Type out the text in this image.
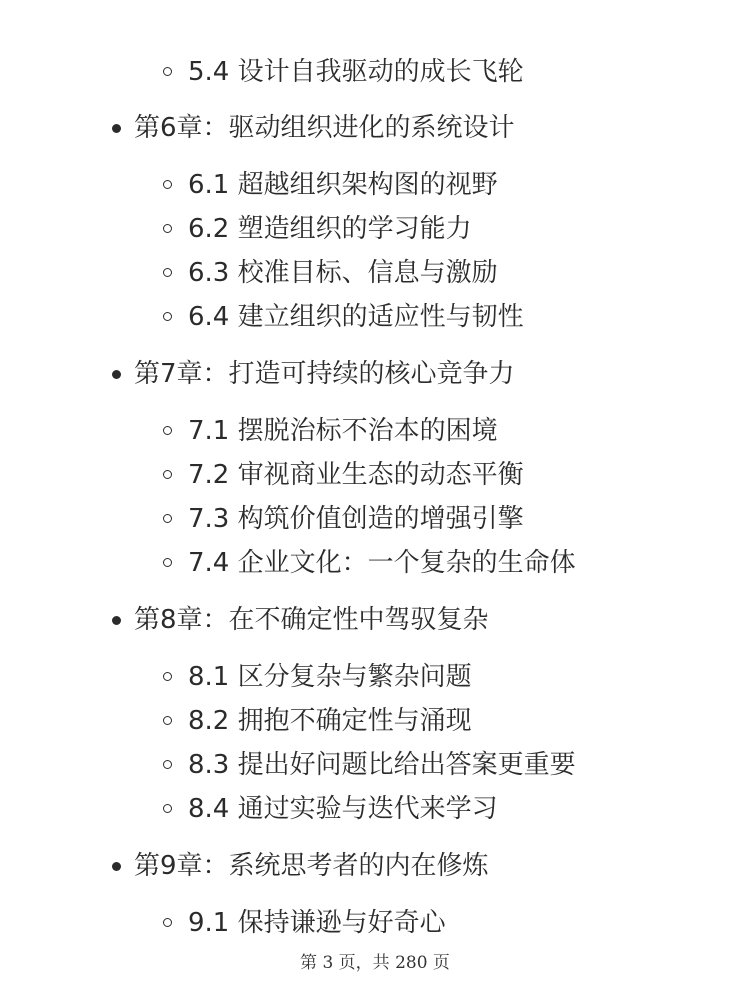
5.4 设计自我驱动的成长飞轮
第6章：驱动组织进化的系统设计
6.1 超越组织架构图的视野
6.2 塑造组织的学习能力
6.3 校准目标、信息与激励
6.4 建立组织的适应性与韧性
第7章：打造可持续的核心竞争力
7.1 摆脱治标不治本的困境
7.2 审视商业生态的动态平衡
7.3 构筑价值创造的增强引擎
7.4 企业文化：一个复杂的生命体
第8章：在不确定性中驾驭复杂
8.1 区分复杂与繁杂问题
8.2 拥抱不确定性与涌现
8.3 提出好问题比给出答案更重要
8.4 通过实验与迭代来学习
第9章：系统思考者的内在修炼
9.1 保持谦逊与好奇心
第 3 页，共 280 页
